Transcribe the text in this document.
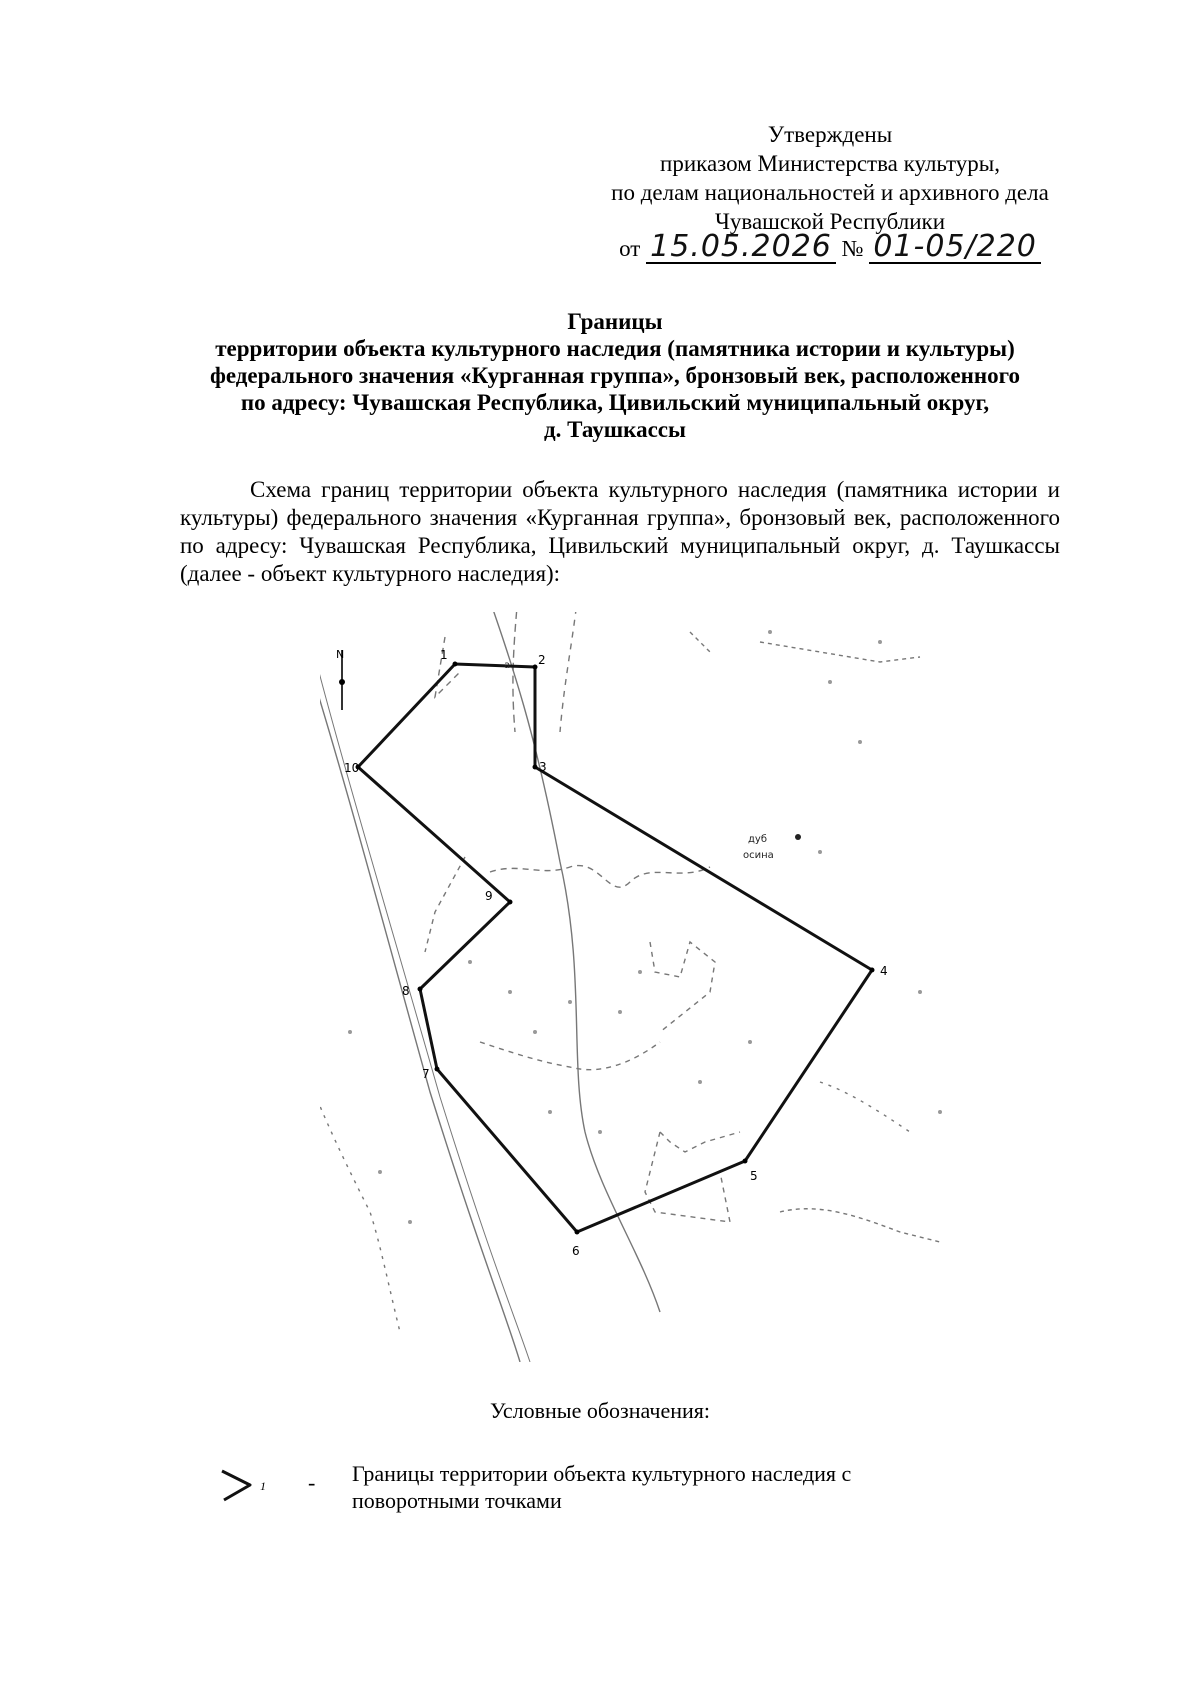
Утверждены
приказом Министерства культуры,
по делам национальностей и архивного дела
Чувашской Республики
от 15.05.2026 № 01-05/220
Границы
территории объекта культурного наследия (памятника истории и культуры)
федерального значения «Курганная группа», бронзовый век, расположенного
по адресу: Чувашская Республика, Цивильский муниципальный округ,
д. Таушкассы
Схема границ территории объекта культурного наследия (памятника истории и культуры) федерального значения «Курганная группа», бронзовый век, расположенного по адресу: Чувашская Республика, Цивильский муниципальный округ, д. Таушкассы (далее - объект культурного наследия):
N	1	2
3
4
5
6
7
8
9
10
а
дуб
осина
Условные обозначения:
1 - Границы территории объекта культурного наследия с поворотными точками
